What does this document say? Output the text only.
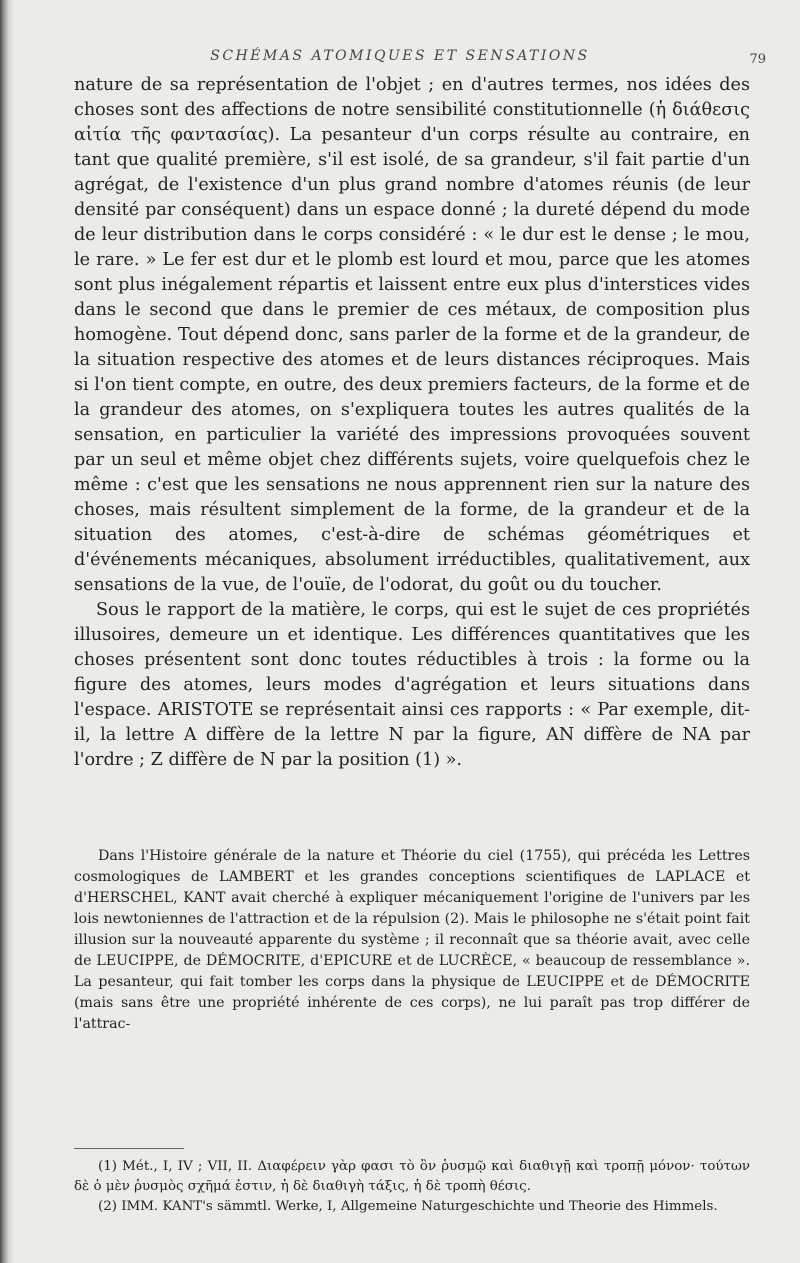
SCHÉMAS ATOMIQUES ET SENSATIONS	79

nature de sa représentation de l'objet ; en d'autres termes, nos idées des choses sont des affections de notre sensibilité constitutionnelle (ἡ διάθεσις αἰτία τῆς φαντασίας). La pesanteur d'un corps résulte au contraire, en tant que qualité première, s'il est isolé, de sa grandeur, s'il fait partie d'un agrégat, de l'existence d'un plus grand nombre d'atomes réunis (de leur densité par conséquent) dans un espace donné ; la dureté dépend du mode de leur distribution dans le corps considéré : « le dur est le dense ; le mou, le rare. » Le fer est dur et le plomb est lourd et mou, parce que les atomes sont plus inégalement répartis et laissent entre eux plus d'interstices vides dans le second que dans le premier de ces métaux, de composition plus homogène. Tout dépend donc, sans parler de la forme et de la grandeur, de la situation respective des atomes et de leurs distances réciproques. Mais si l'on tient compte, en outre, des deux premiers facteurs, de la forme et de la grandeur des atomes, on s'expliquera toutes les autres qualités de la sensation, en particulier la variété des impressions provoquées souvent par un seul et même objet chez différents sujets, voire quelquefois chez le même : c'est que les sensations ne nous apprennent rien sur la nature des choses, mais résultent simplement de la forme, de la grandeur et de la situation des atomes, c'est-à-dire de schémas géométriques et d'événements mécaniques, absolument irréductibles, qualitativement, aux sensations de la vue, de l'ouïe, de l'odorat, du goût ou du toucher.

Sous le rapport de la matière, le corps, qui est le sujet de ces propriétés illusoires, demeure un et identique. Les différences quantitatives que les choses présentent sont donc toutes réductibles à trois : la forme ou la figure des atomes, leurs modes d'agrégation et leurs situations dans l'espace. ARISTOTE se représentait ainsi ces rapports : « Par exemple, dit-il, la lettre A diffère de la lettre N par la figure, AN diffère de NA par l'ordre ; Z diffère de N par la position (1) ».

Dans l'Histoire générale de la nature et Théorie du ciel (1755), qui précéda les Lettres cosmologiques de LAMBERT et les grandes conceptions scientifiques de LAPLACE et d'HERSCHEL, KANT avait cherché à expliquer mécaniquement l'origine de l'univers par les lois newtoniennes de l'attraction et de la répulsion (2). Mais le philosophe ne s'était point fait illusion sur la nouveauté apparente du système ; il reconnaît que sa théorie avait, avec celle de LEUCIPPE, de DÉMOCRITE, d'EPICURE et de LUCRÈCE, « beaucoup de ressemblance ». La pesanteur, qui fait tomber les corps dans la physique de LEUCIPPE et de DÉMOCRITE (mais sans être une propriété inhérente de ces corps), ne lui paraît pas trop différer de l'attrac-

(1) Mét., I, IV ; VII, II. Διαφέρειν γὰρ φασι τὸ ὂν ῥυσμῷ καὶ διαθιγῇ καὶ τροπῇ μόνον· τούτων δὲ ὁ μὲν ῥυσμὸς σχῆμά ἐστιν, ἡ δὲ διαθιγὴ τάξις, ἡ δὲ τροπὴ θέσις.

(2) IMM. KANT's sämmtl. Werke, I, Allgemeine Naturgeschichte und Theorie des Himmels.
